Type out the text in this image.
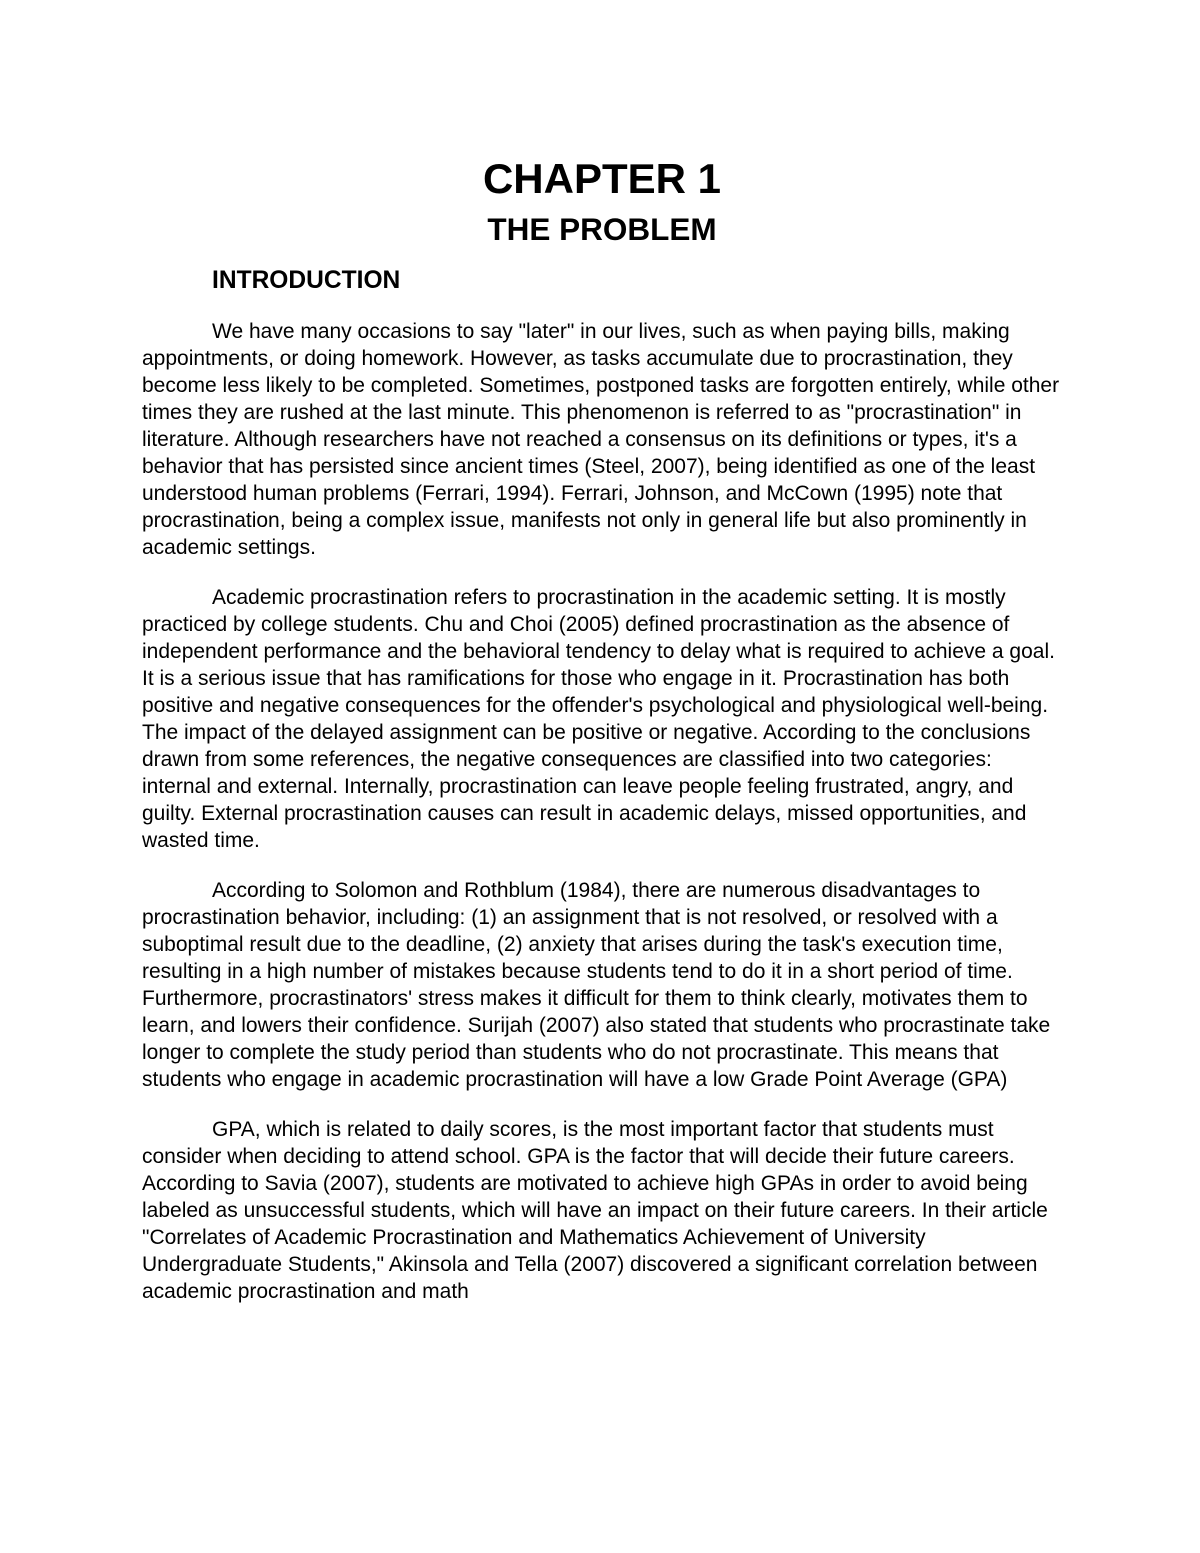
CHAPTER 1
THE PROBLEM
INTRODUCTION

We have many occasions to say "later" in our lives, such as when paying bills, making appointments, or doing homework. However, as tasks accumulate due to procrastination, they become less likely to be completed. Sometimes, postponed tasks are forgotten entirely, while other times they are rushed at the last minute. This phenomenon is referred to as "procrastination" in literature. Although researchers have not reached a consensus on its definitions or types, it's a behavior that has persisted since ancient times (Steel, 2007), being identified as one of the least understood human problems (Ferrari, 1994). Ferrari, Johnson, and McCown (1995) note that procrastination, being a complex issue, manifests not only in general life but also prominently in academic settings.

Academic procrastination refers to procrastination in the academic setting. It is mostly practiced by college students. Chu and Choi (2005) defined procrastination as the absence of independent performance and the behavioral tendency to delay what is required to achieve a goal. It is a serious issue that has ramifications for those who engage in it. Procrastination has both positive and negative consequences for the offender's psychological and physiological well-being. The impact of the delayed assignment can be positive or negative. According to the conclusions drawn from some references, the negative consequences are classified into two categories: internal and external. Internally, procrastination can leave people feeling frustrated, angry, and guilty. External procrastination causes can result in academic delays, missed opportunities, and wasted time.

According to Solomon and Rothblum (1984), there are numerous disadvantages to procrastination behavior, including: (1) an assignment that is not resolved, or resolved with a suboptimal result due to the deadline, (2) anxiety that arises during the task's execution time, resulting in a high number of mistakes because students tend to do it in a short period of time. Furthermore, procrastinators' stress makes it difficult for them to think clearly, motivates them to learn, and lowers their confidence. Surijah (2007) also stated that students who procrastinate take longer to complete the study period than students who do not procrastinate. This means that students who engage in academic procrastination will have a low Grade Point Average (GPA)

GPA, which is related to daily scores, is the most important factor that students must consider when deciding to attend school. GPA is the factor that will decide their future careers. According to Savia (2007), students are motivated to achieve high GPAs in order to avoid being labeled as unsuccessful students, which will have an impact on their future careers. In their article "Correlates of Academic Procrastination and Mathematics Achievement of University Undergraduate Students," Akinsola and Tella (2007) discovered a significant correlation between academic procrastination and math
